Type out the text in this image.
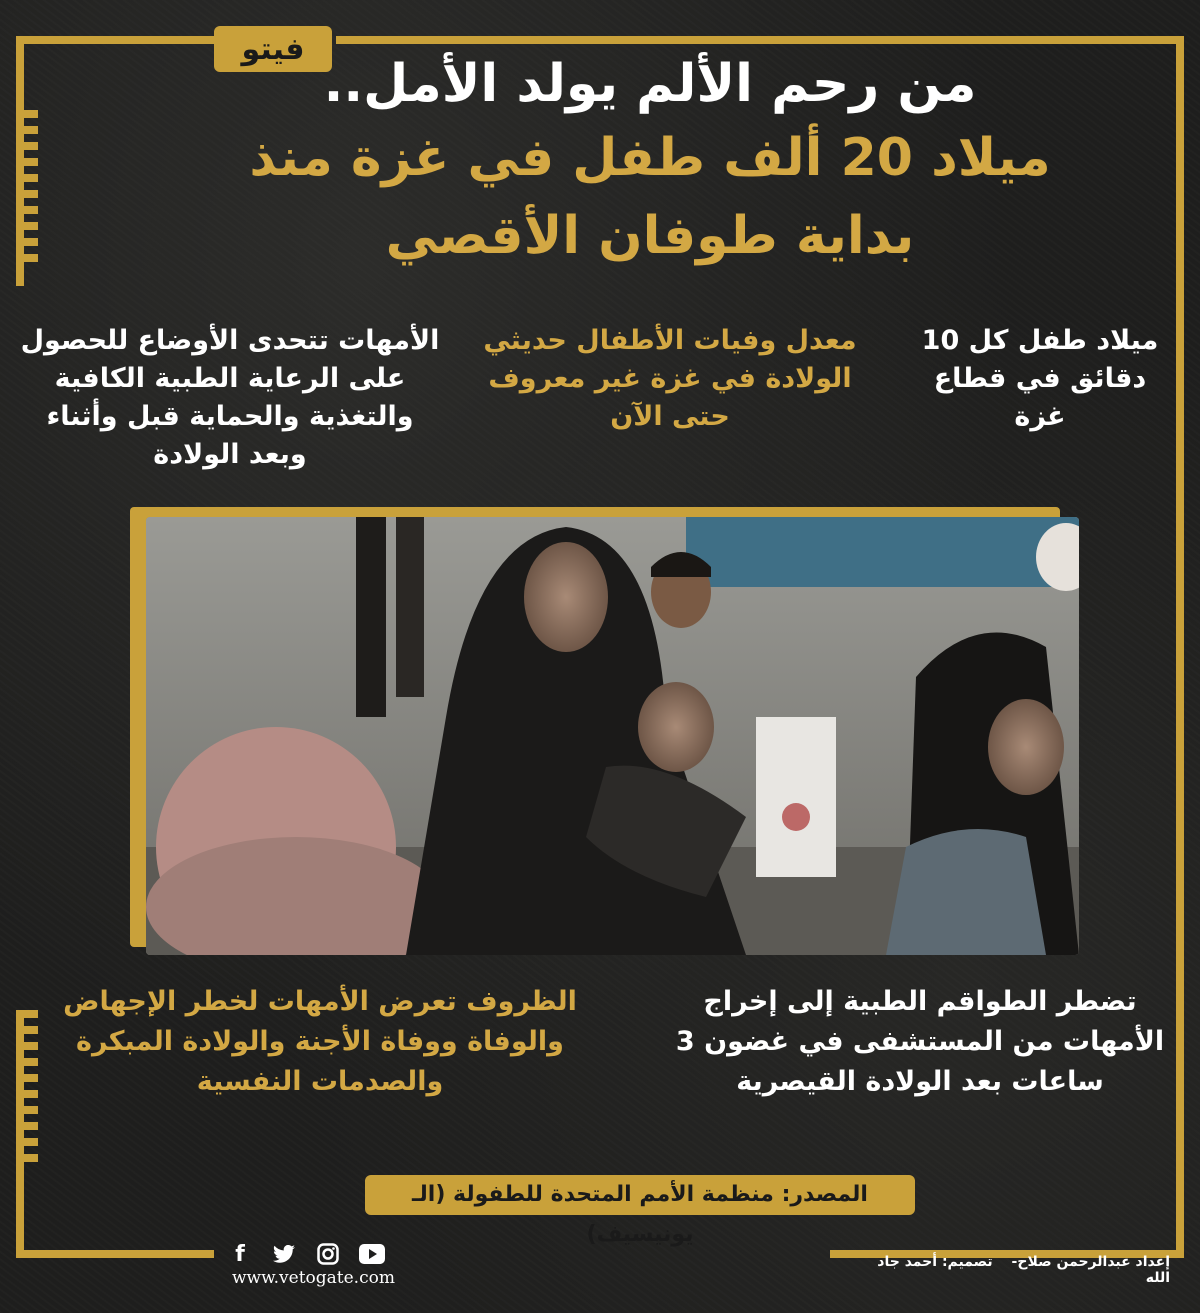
فيتو
من رحم الألم يولد الأمل..
ميلاد 20 ألف طفل في غزة منذ
بداية طوفان الأقصي
ميلاد طفل كل 10 دقائق في قطاع غزة
معدل وفيات الأطفال حديثي الولادة في غزة غير معروف حتى الآن
الأمهات تتحدى الأوضاع للحصول على الرعاية الطبية الكافية والتغذية والحماية قبل وأثناء وبعد الولادة
تضطر الطواقم الطبية إلى إخراج الأمهات من المستشفى في غضون 3 ساعات بعد الولادة القيصرية
الظروف تعرض الأمهات لخطر الإجهاض والوفاة ووفاة الأجنة والولادة المبكرة والصدمات النفسية
المصدر: منظمة الأمم المتحدة للطفولة (الـ يونيسيف)
f
www.vetogate.com
إعداد عبدالرحمن صلاح- تصميم: أحمد جاد الله
